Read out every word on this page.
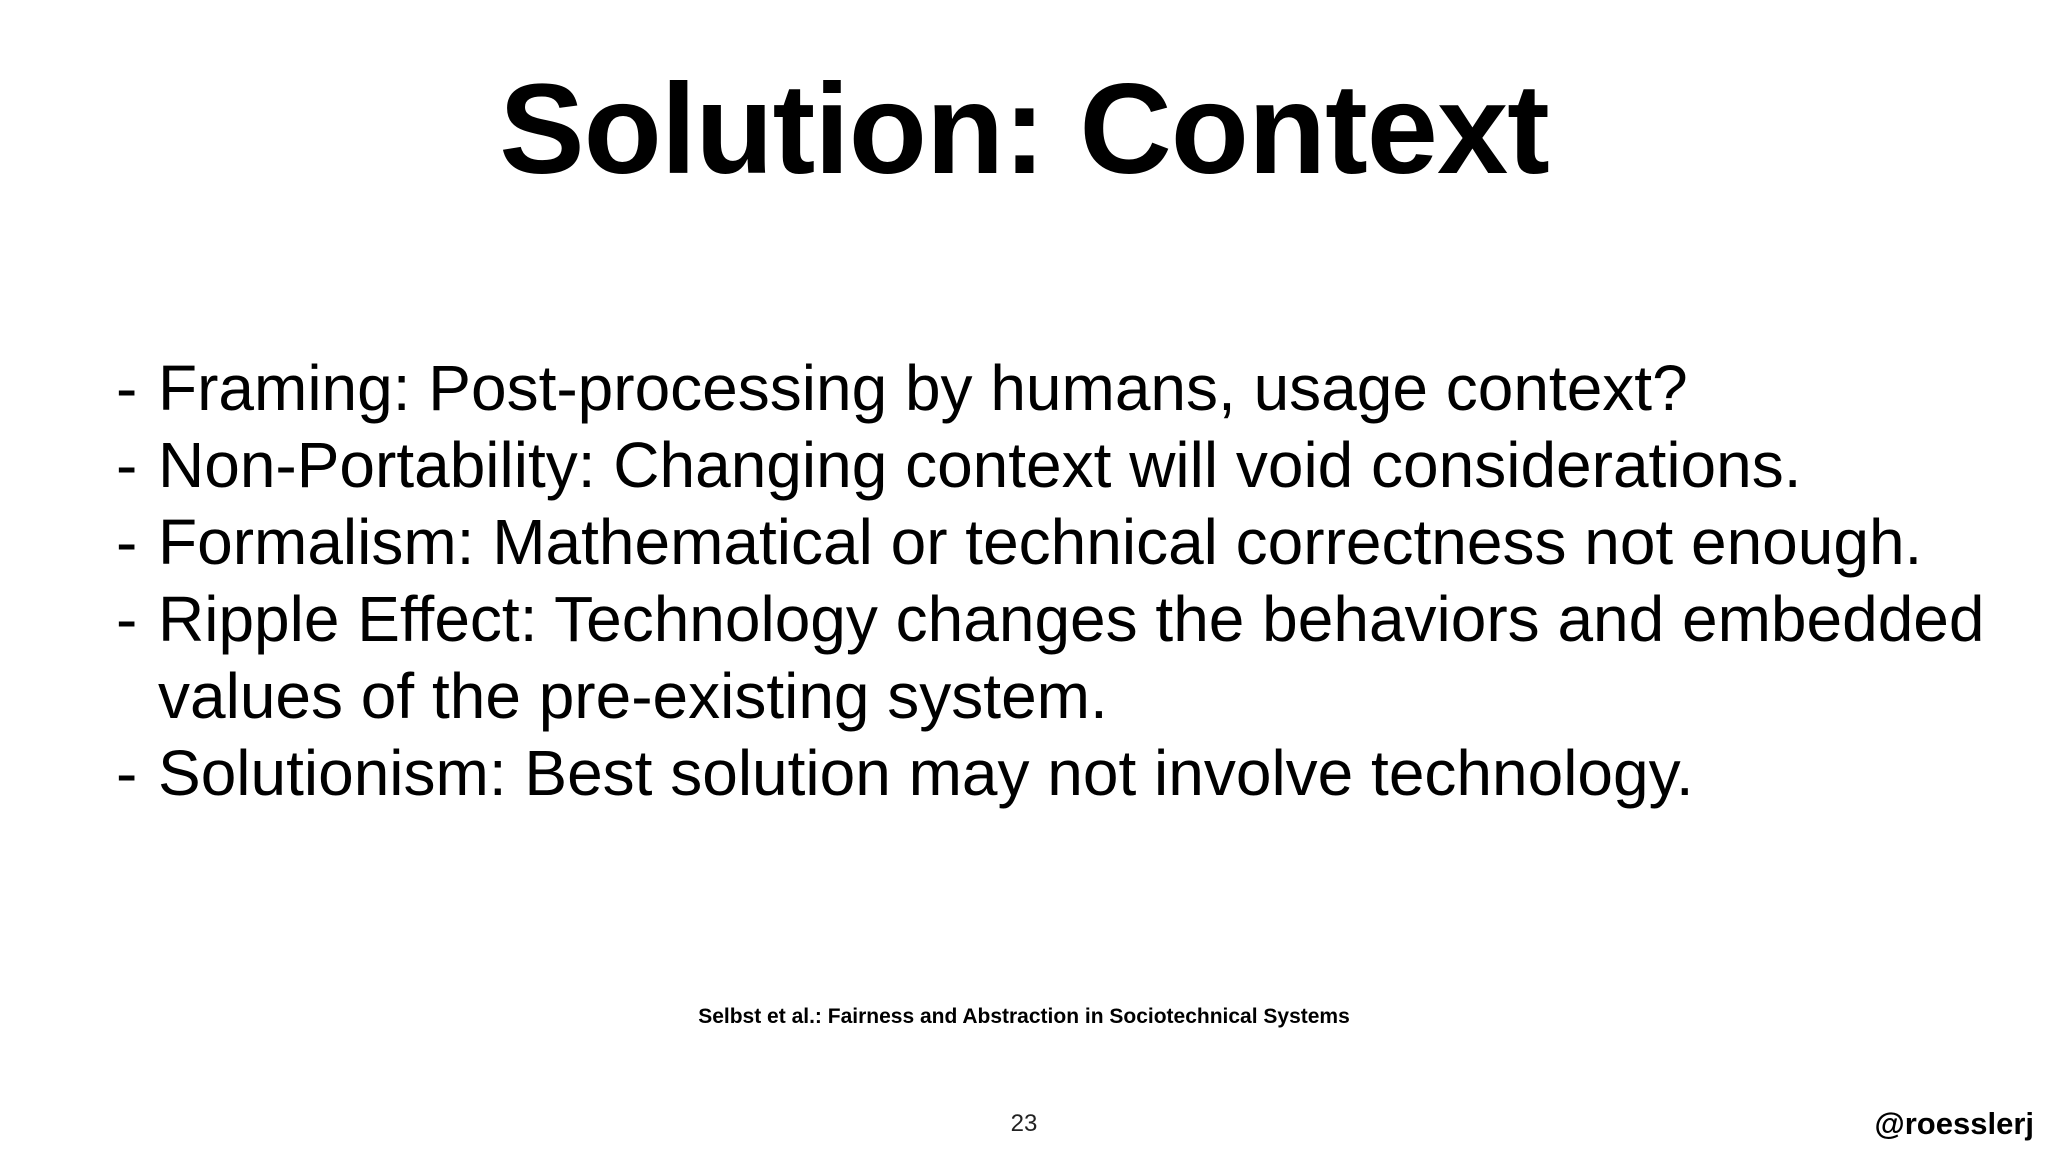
Solution: Context
- Framing: Post-processing by humans, usage context?
- Non-Portability: Changing context will void considerations.
- Formalism: Mathematical or technical correctness not enough.
- Ripple Effect: Technology changes the behaviors and embedded values of the pre-existing system.
- Solutionism: Best solution may not involve technology.
Selbst et al.: Fairness and Abstraction in Sociotechnical Systems
23	@roesslerj
